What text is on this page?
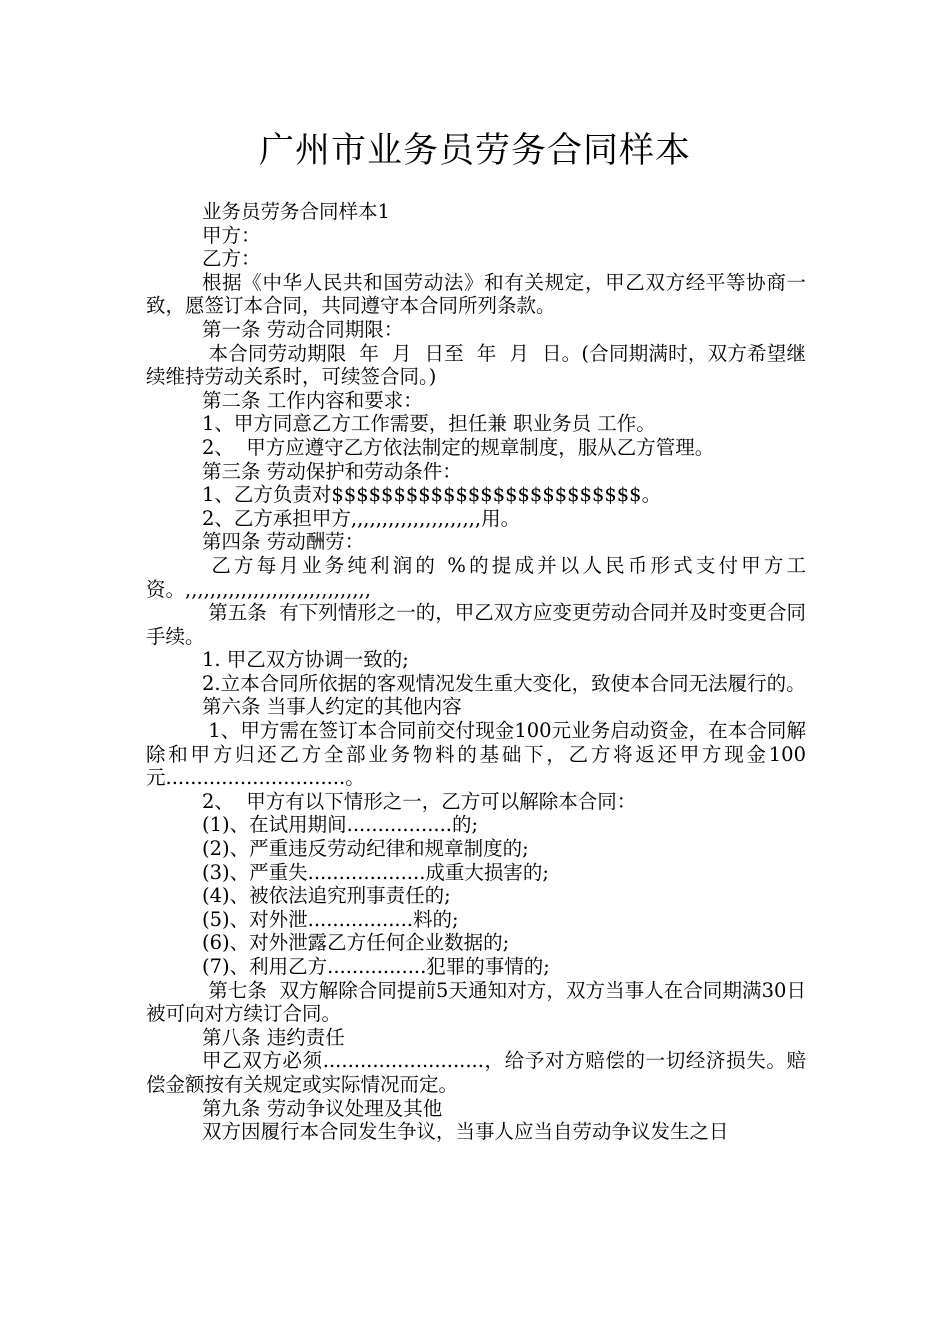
广州市业务员劳务合同样本

业务员劳务合同样本1

甲方：

乙方：

根据《中华人民共和国劳动法》和有关规定，甲乙双方经平等协商一致，愿签订本合同，共同遵守本合同所列条款。

第一条 劳动合同期限：

本合同劳动期限  年  月  日至  年  月  日。(合同期满时，双方希望继续维持劳动关系时，可续签合同。)

第二条 工作内容和要求：

1、甲方同意乙方工作需要，担任兼 职业务员 工作。

2、  甲方应遵守乙方依法制定的规章制度，服从乙方管理。

第三条 劳动保护和劳动条件：

1、乙方负责对$$$$$$$$$$$$$$$$$$$$$$$$$。

2、乙方承担甲方,,,,,,,,,,,,,,,,,,,,,用。

第四条 劳动酬劳：

乙方每月业务纯利润的 %的提成并以人民币形式支付甲方工资。,,,,,,,,,,,,,,,,,,,,,,,,,,,,,,

第五条  有下列情形之一的，甲乙双方应变更劳动合同并及时变更合同手续。

1. 甲乙双方协调一致的;

2.立本合同所依据的客观情况发生重大变化，致使本合同无法履行的。

第六条 当事人约定的其他内容

1、甲方需在签订本合同前交付现金100元业务启动资金，在本合同解除和甲方归还乙方全部业务物料的基础下，乙方将返还甲方现金100元.............................。

2、  甲方有以下情形之一，乙方可以解除本合同：

(1)、在试用期间.................的;

(2)、严重违反劳动纪律和规章制度的;

(3)、严重失...................成重大损害的;

(4)、被依法追究刑事责任的;

(5)、对外泄.................料的;

(6)、对外泄露乙方任何企业数据的;

(7)、利用乙方................犯罪的事情的;

第七条  双方解除合同提前5天通知对方，双方当事人在合同期满30日被可向对方续订合同。

第八条 违约责任

甲乙双方必须..........................，给予对方赔偿的一切经济损失。赔偿金额按有关规定或实际情况而定。

第九条 劳动争议处理及其他

双方因履行本合同发生争议，当事人应当自劳动争议发生之日
